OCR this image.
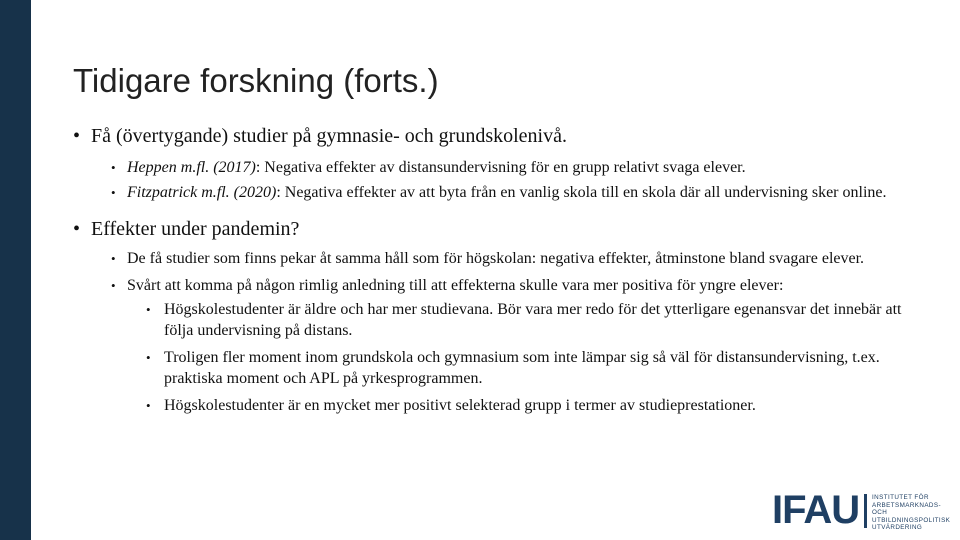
Tidigare forskning (forts.)
• Få (övertygande) studier på gymnasie- och grundskolenivå.
• Heppen m.fl. (2017): Negativa effekter av distansundervisning för en grupp relativt svaga elever.
• Fitzpatrick m.fl. (2020): Negativa effekter av att byta från en vanlig skola till en skola där all undervisning sker online.
• Effekter under pandemin?
• De få studier som finns pekar åt samma håll som för högskolan: negativa effekter, åtminstone bland svagare elever.
• Svårt att komma på någon rimlig anledning till att effekterna skulle vara mer positiva för yngre elever:
• Högskolestudenter är äldre och har mer studievana. Bör vara mer redo för det ytterligare egenansvar det innebär att följa undervisning på distans.
• Troligen fler moment inom grundskola och gymnasium som inte lämpar sig så väl för distansundervisning, t.ex. praktiska moment och APL på yrkesprogrammen.
• Högskolestudenter är en mycket mer positivt selekterad grupp i termer av studieprestationer.
IFAU INSTITUTET FÖR
ARBETSMARKNADS- OCH
UTBILDNINGSPOLITISK
UTVÄRDERING
